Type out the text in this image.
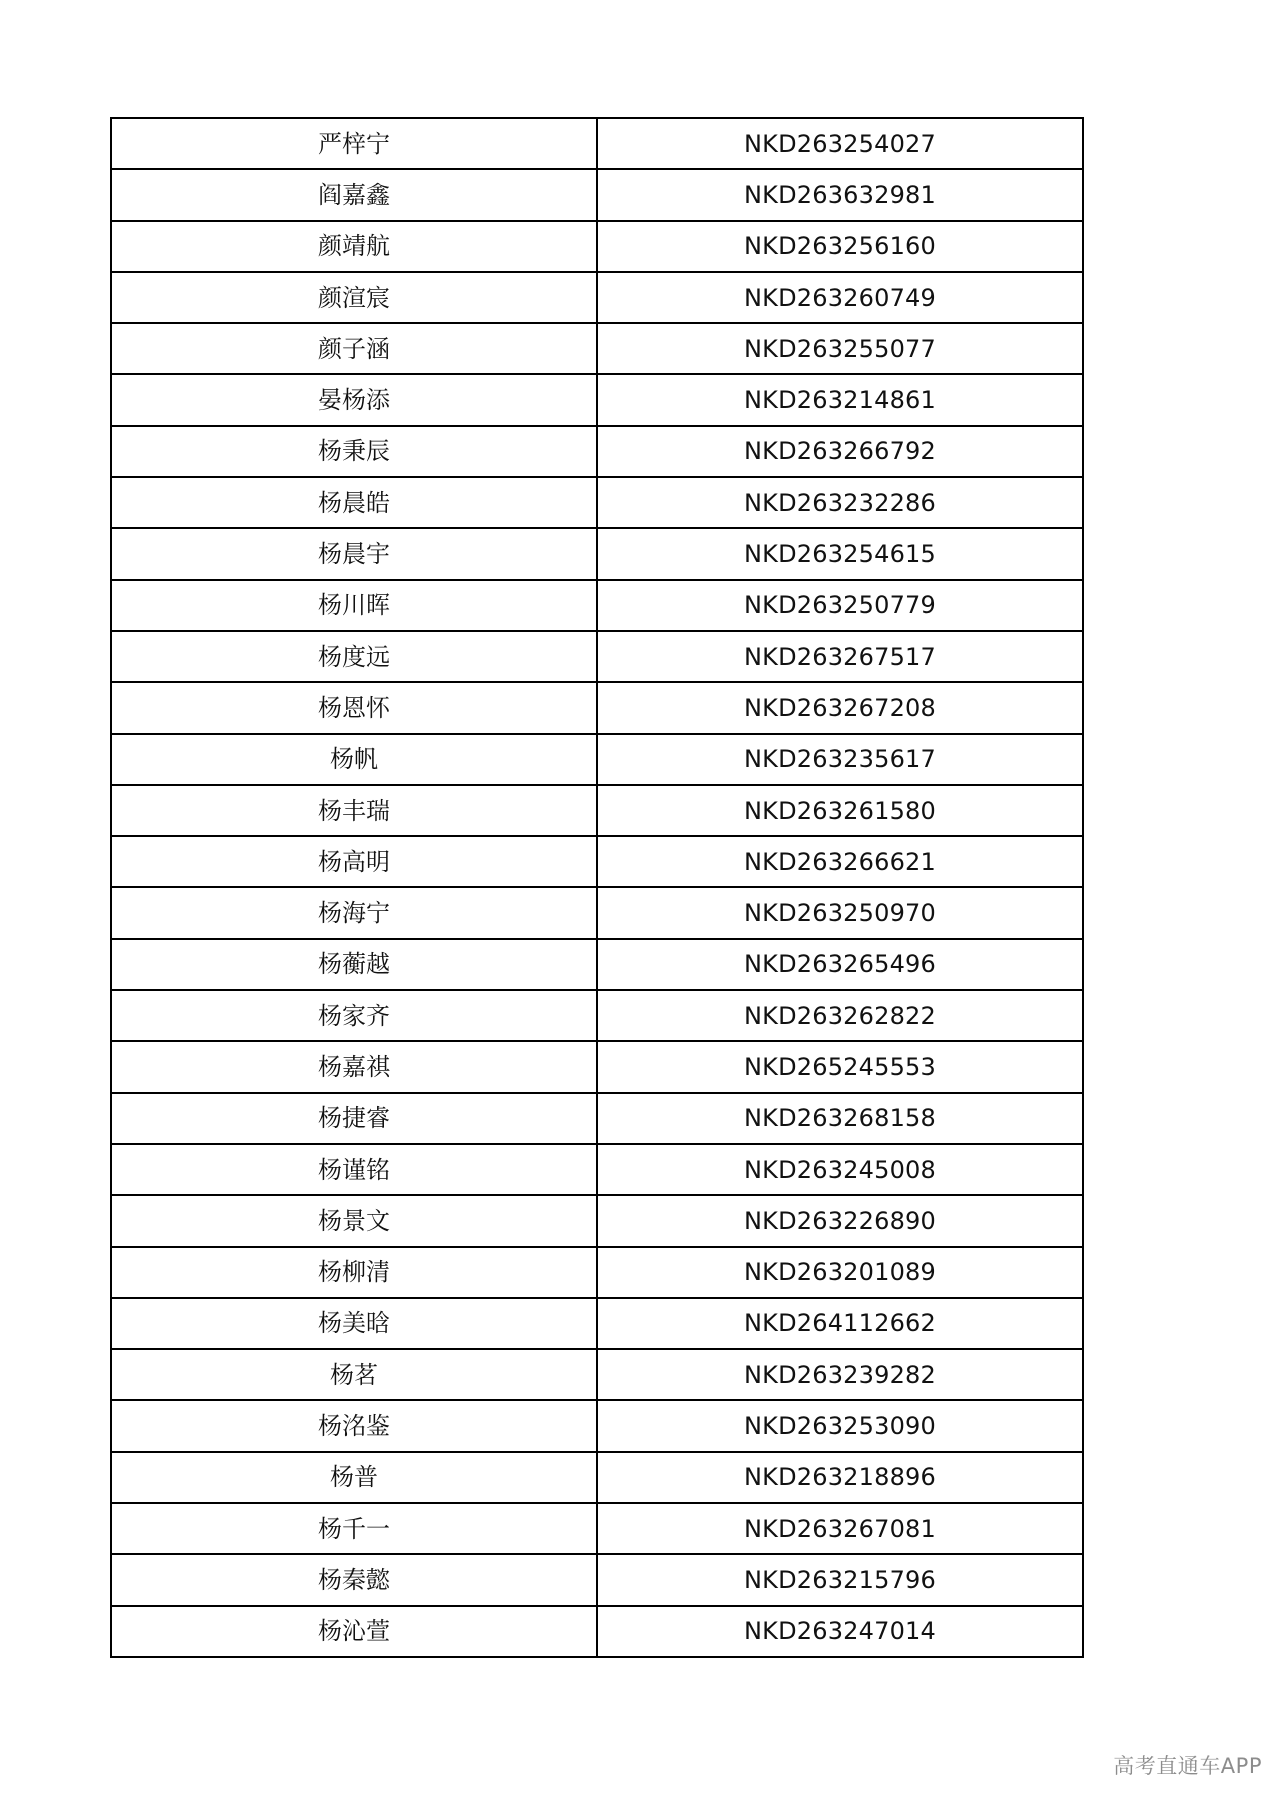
严梓宁	NKD263254027
阎嘉鑫	NKD263632981
颜靖航	NKD263256160
颜渲宸	NKD263260749
颜子涵	NKD263255077
晏杨添	NKD263214861
杨秉辰	NKD263266792
杨晨皓	NKD263232286
杨晨宇	NKD263254615
杨川晖	NKD263250779
杨度远	NKD263267517
杨恩怀	NKD263267208
杨帆	NKD263235617
杨丰瑞	NKD263261580
杨高明	NKD263266621
杨海宁	NKD263250970
杨蘅越	NKD263265496
杨家齐	NKD263262822
杨嘉祺	NKD265245553
杨捷睿	NKD263268158
杨谨铭	NKD263245008
杨景文	NKD263226890
杨柳清	NKD263201089
杨美晗	NKD264112662
杨茗	NKD263239282
杨洺鉴	NKD263253090
杨普	NKD263218896
杨千一	NKD263267081
杨秦懿	NKD263215796
杨沁萱	NKD263247014
高考直通车APP
